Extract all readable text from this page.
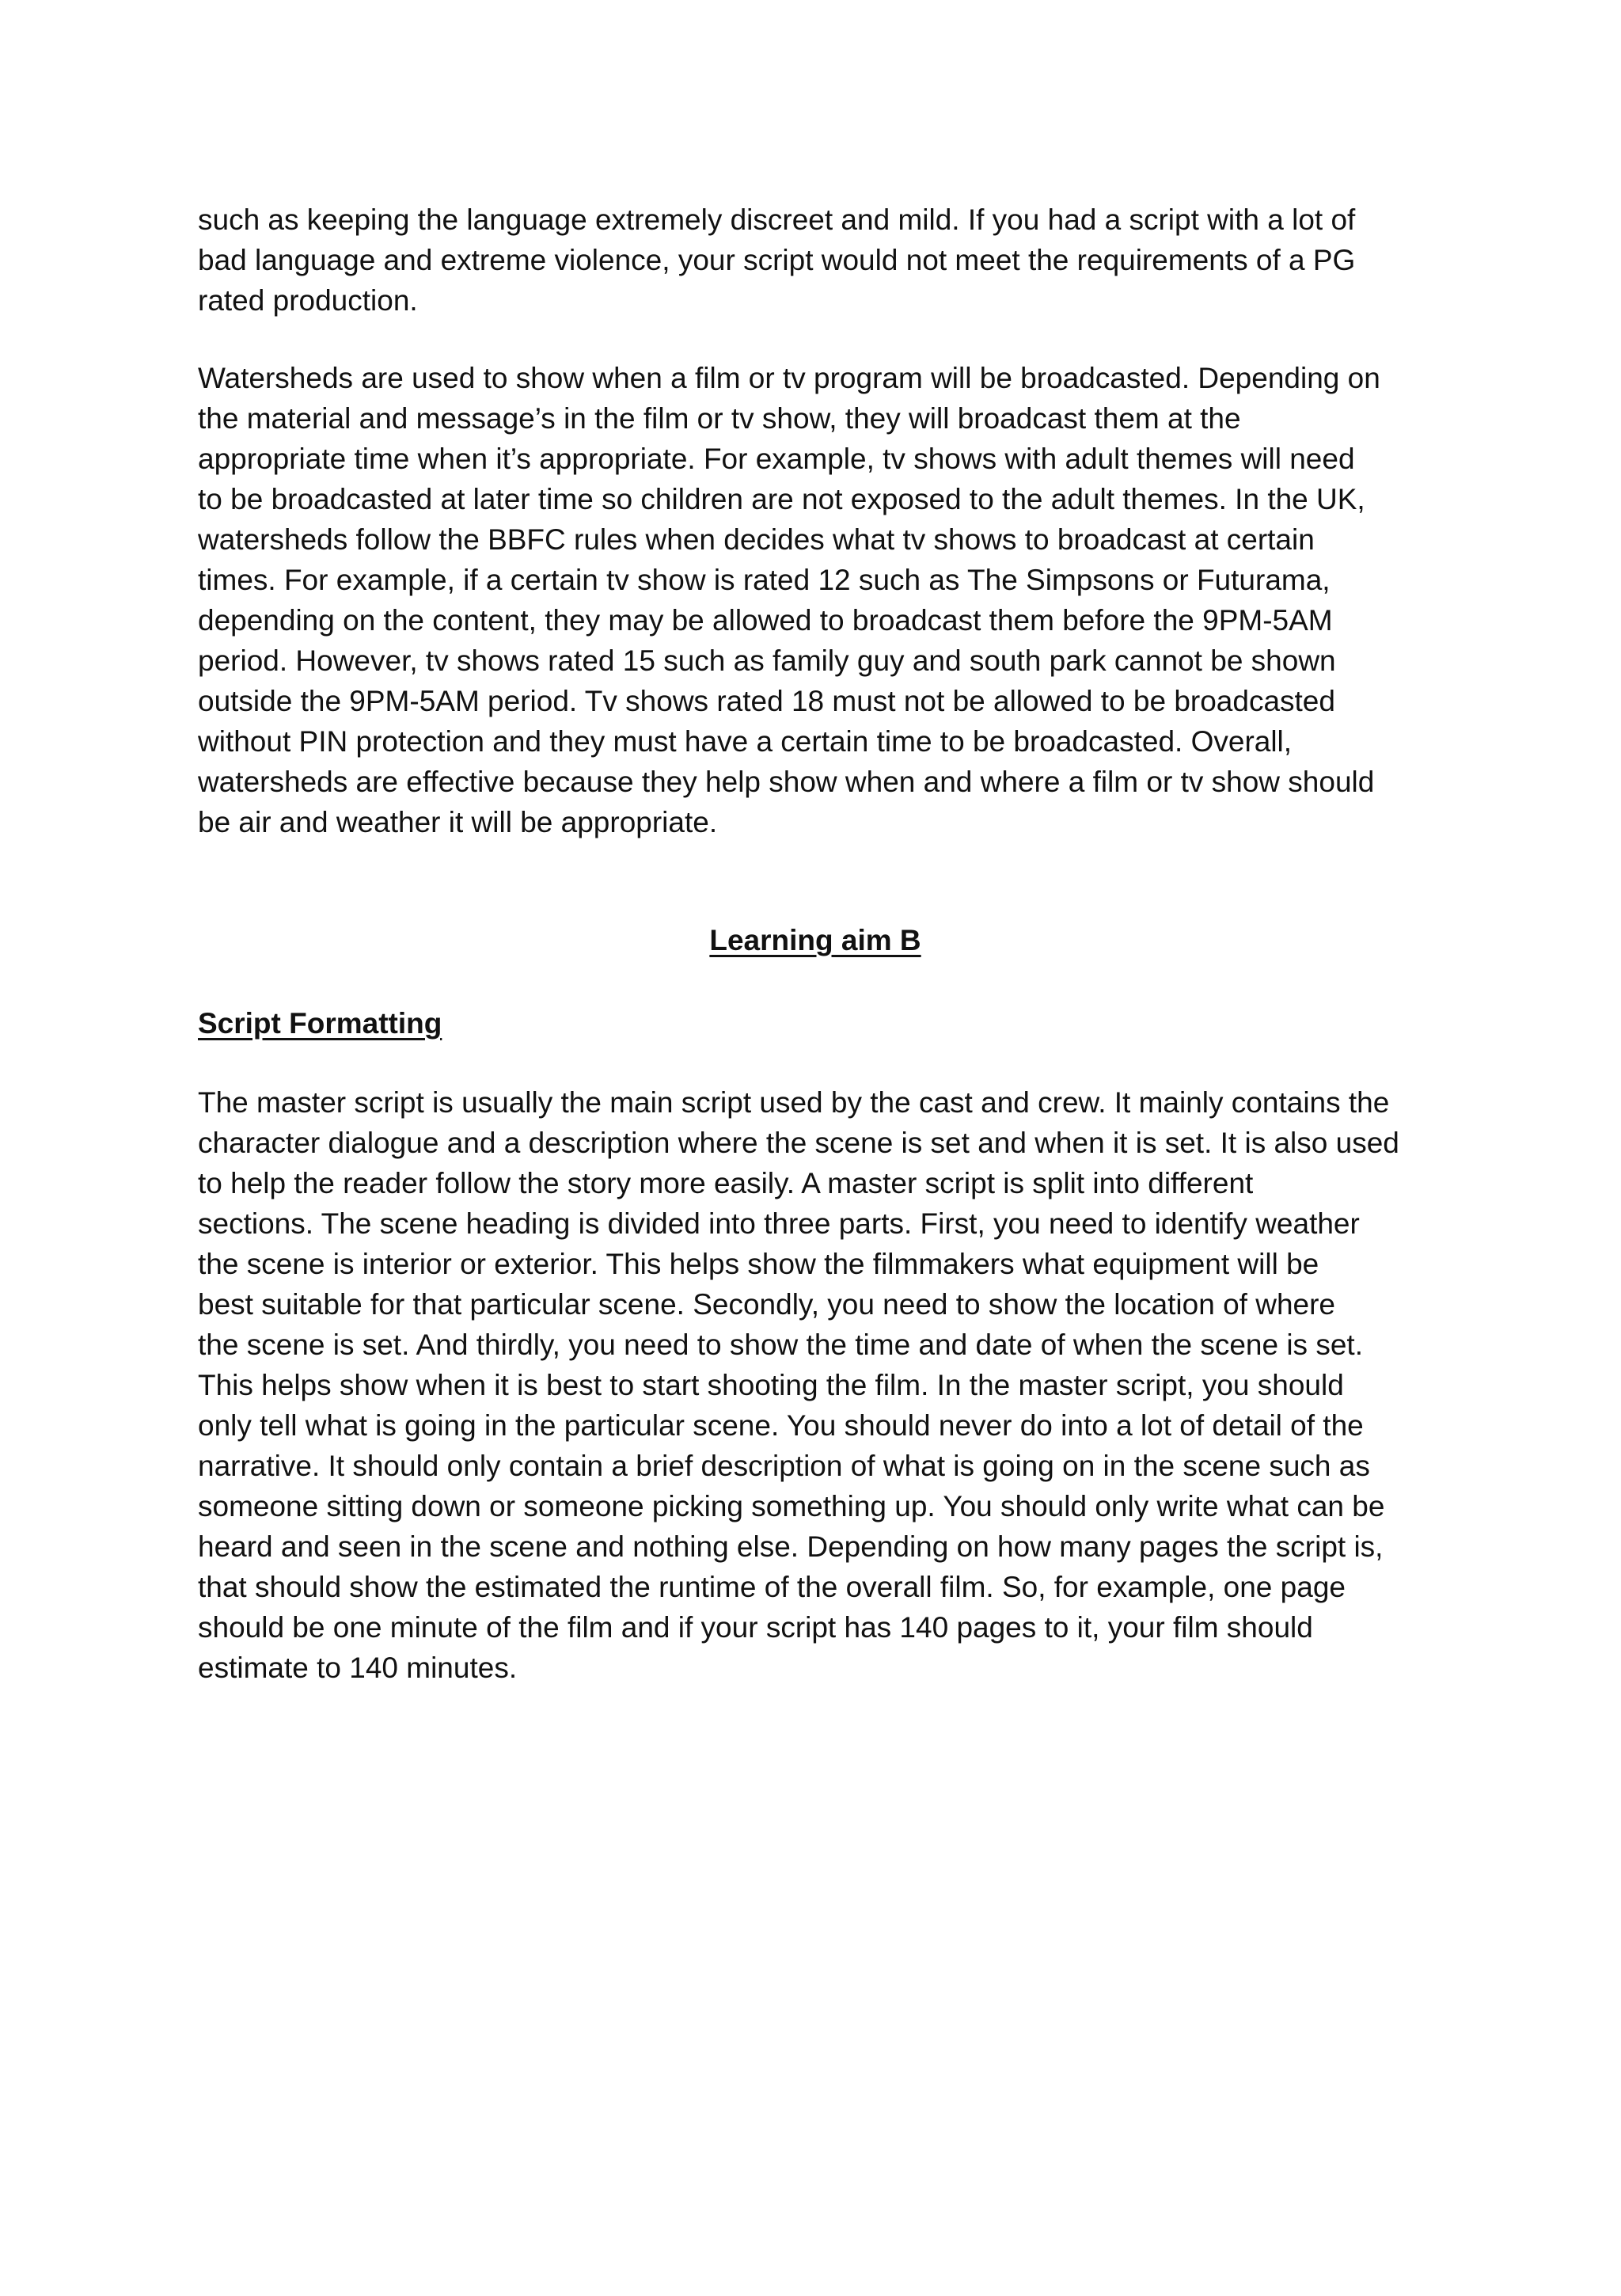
such as keeping the language extremely discreet and mild. If you had a script with a lot of
bad language and extreme violence, your script would not meet the requirements of a PG
rated production.

Watersheds are used to show when a film or tv program will be broadcasted. Depending on
the material and message’s in the film or tv show, they will broadcast them at the
appropriate time when it’s appropriate. For example, tv shows with adult themes will need
to be broadcasted at later time so children are not exposed to the adult themes. In the UK,
watersheds follow the BBFC rules when decides what tv shows to broadcast at certain
times. For example, if a certain tv show is rated 12 such as The Simpsons or Futurama,
depending on the content, they may be allowed to broadcast them before the 9PM-5AM
period. However, tv shows rated 15 such as family guy and south park cannot be shown
outside the 9PM-5AM period. Tv shows rated 18 must not be allowed to be broadcasted
without PIN protection and they must have a certain time to be broadcasted. Overall,
watersheds are effective because they help show when and where a film or tv show should
be air and weather it will be appropriate.

Learning aim B
Script Formatting

The master script is usually the main script used by the cast and crew. It mainly contains the
character dialogue and a description where the scene is set and when it is set. It is also used
to help the reader follow the story more easily. A master script is split into different
sections. The scene heading is divided into three parts. First, you need to identify weather
the scene is interior or exterior. This helps show the filmmakers what equipment will be
best suitable for that particular scene. Secondly, you need to show the location of where
the scene is set. And thirdly, you need to show the time and date of when the scene is set.
This helps show when it is best to start shooting the film. In the master script, you should
only tell what is going in the particular scene. You should never do into a lot of detail of the
narrative. It should only contain a brief description of what is going on in the scene such as
someone sitting down or someone picking something up. You should only write what can be
heard and seen in the scene and nothing else. Depending on how many pages the script is,
that should show the estimated the runtime of the overall film. So, for example, one page
should be one minute of the film and if your script has 140 pages to it, your film should
estimate to 140 minutes.
